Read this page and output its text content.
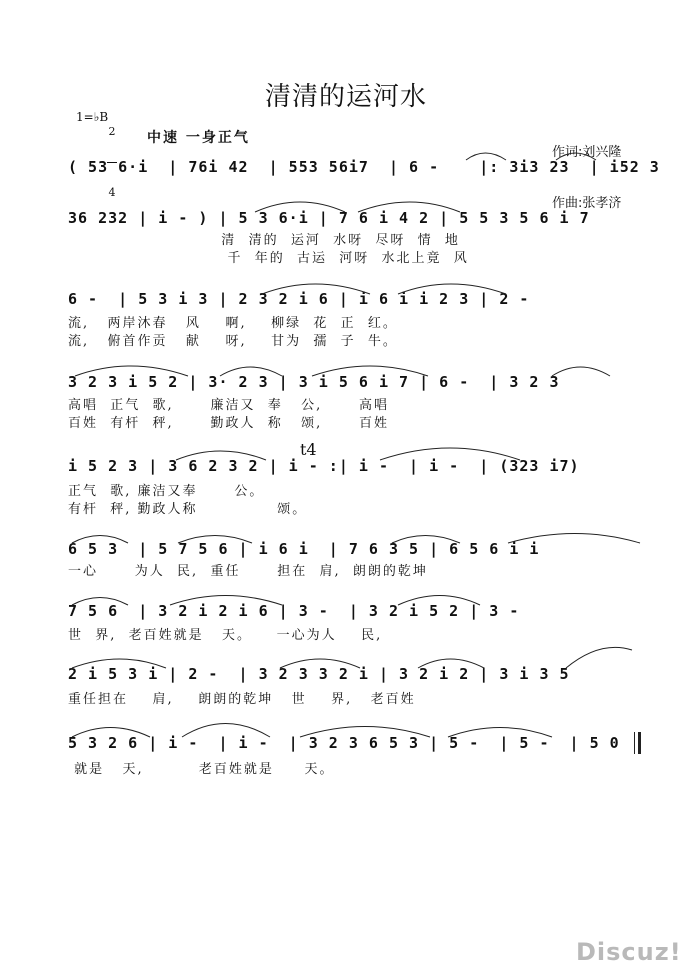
清清的运河水
1=♭B

2

4

中速 一身正气

作词:刘兴隆

作曲:张孝济

( 53 6·i  | 76i 42  | 553 56i7  | 6 -    |: 3i3 23  | i52 3
36 232 | i - ) | 5 3 6·i | 7 6 i 4 2 | 5 5 3 5 6 i 7
清  清的  运河  水呀  尽呀  情  地
千  年的  古运  河呀  水北上竟  风
6 -  | 5 3 i 3 | 2 3 2 i 6 | i 6 i i 2 3 | 2 -
流,   两岸沐春   风    啊,    柳绿  花  正  红。
流,   俯首作贡   献    呀,    甘为  孺  子  牛。
3 2 3 i 5 2 | 3· 2 3 | 3 i 5 6 i 7 | 6 -  | 3 2 3
高唱  正气  歌,      廉洁又  奉   公,      高唱
百姓  有杆  秤,      勤政人  称   颂,      百姓
t4
i 5 2 3 | 3 6 2 3 2 | i - :| i -  | i -  | (323 i7)
正气  歌, 廉洁又奉      公。
有杆  秤, 勤政人称             颂。
6 5 3  | 5 7 5 6 | i 6 i  | 7 6 3 5 | 6 5 6 i i
一心      为人  民,  重任      担在  肩,  朗朗的乾坤
7 5 6  | 3 2 i 2 i 6 | 3 -  | 3 2 i 5 2 | 3 -
世  界,  老百姓就是   天。    一心为人    民,
2 i 5 3 i | 2 -  | 3 2 3 3 2 i | 3 2 i 2 | 3 i 3 5
重任担在    肩,    朗朗的乾坤   世    界,   老百姓
5 3 2 6 | i -  | i -  | 3 2 3 6 5 3 | 5 -  | 5 -  | 5 0
就是   天,         老百姓就是     天。
Discuz!
